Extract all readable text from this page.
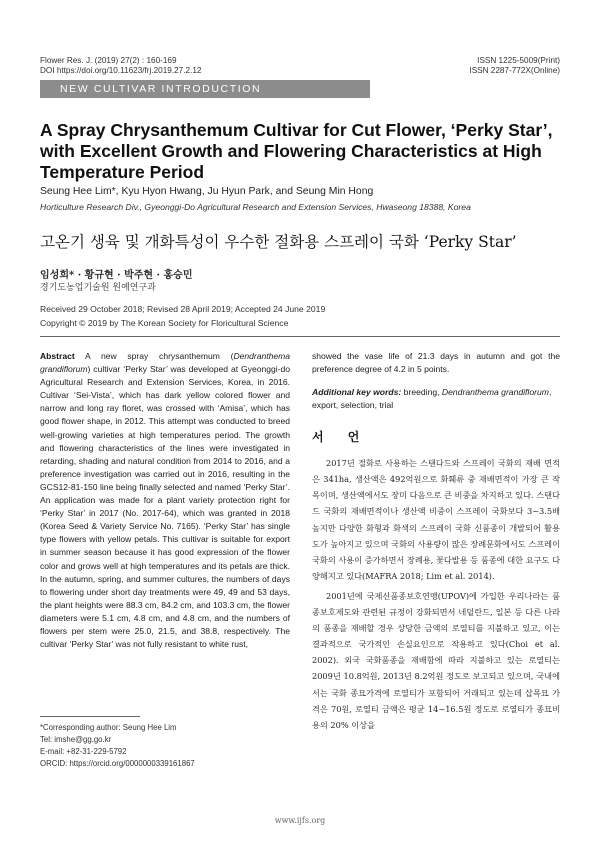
Flower Res. J. (2019) 27(2) : 160-169
DOI https://doi.org/10.11623/frj.2019.27.2.12
ISSN 1225-5009(Print)
ISSN 2287-772X(Online)
NEW CULTIVAR INTRODUCTION
A Spray Chrysanthemum Cultivar for Cut Flower, ‘Perky Star’, with Excellent Growth and Flowering Characteristics at High Temperature Period
Seung Hee Lim*, Kyu Hyon Hwang, Ju Hyun Park, and Seung Min Hong
Horticulture Research Div., Gyeonggi-Do Agricultural Research and Extension Services, Hwaseong 18388, Korea
고온기 생육 및 개화특성이 우수한 절화용 스프레이 국화 ‘Perky Star’
임성희* · 황규현 · 박주현 · 홍승민
경기도농업기술원 원예연구과
Received 29 October 2018; Revised 28 April 2019; Accepted 24 June 2019
Copyright © 2019 by The Korean Society for Floricultural Science

Abstract A new spray chrysanthemum (Dendranthema grandiflorum) cultivar ‘Perky Star’ was developed at Gyeonggi-do Agricultural Research and Extension Services, Korea, in 2016. Cultivar ‘Sei-Vista’, which has dark yellow colored flower and narrow and long ray floret, was crossed with ‘Amisa’, which has good flower shape, in 2012. This attempt was conducted to breed well-growing varieties at high temperatures period. The growth and flowering characteristics of the lines were investigated in retarding, shading and natural condition from 2014 to 2016, and a preference investigation was carried out in 2016, resulting in the GCS12-81-150 line being finally selected and named ‘Perky Star’. An application was made for a plant variety protection right for ‘Perky Star’ in 2017 (No. 2017-64), which was granted in 2018 (Korea Seed & Variety Service No. 7165). ‘Perky Star’ has single type flowers with yellow petals. This cultivar is suitable for export in summer season because it has good expression of the flower color and grows well at high temperatures and its petals are thick. In the autumn, spring, and summer cultures, the numbers of days to flowering under short day treatments were 49, 49 and 53 days, the plant heights were 88.3 cm, 84.2 cm, and 103.3 cm, the flower diameters were 5.1 cm, 4.8 cm, and 4.8 cm, and the numbers of flowers per stem were 25.0, 21.5, and 38.8, respectively. The cultivar ‘Perky Star’ was not fully resistant to white rust,

showed the vase life of 21.3 days in autumn and got the preference degree of 4.2 in 5 points.

Additional key words: breeding, Dendranthema grandiflorum, export, selection, trial

서 언

2017년 절화로 사용하는 스탠다드와 스프레이 국화의 재배 면적은 341ha, 생산액은 492억원으로 화훼류 중 재배면적이 가장 큰 작목이며, 생산액에서도 장미 다음으로 큰 비중을 차지하고 있다. 스탠다드 국화의 재배면적이나 생산액 비중이 스프레이 국화보다 3~3.5배 높지만 다양한 화형과 화색의 스프레이 국화 신품종이 개발되어 활용도가 높아지고 있으며 국화의 사용량이 많은 장례문화에서도 스프레이 국화의 사용이 증가하면서 장례용, 꽃다발용 등 품종에 대한 요구도 다양해지고 있다(MAFRA 2018; Lim et al. 2014).

2001년에 국제신품종보호연맹(UPOV)에 가입한 우리나라는 품종보호제도와 관련된 규정이 강화되면서 네덜란드, 일본 등 다른 나라의 품종을 재배할 경우 상당한 금액의 로열티를 지불하고 있고, 이는 결과적으로 국가적인 손실요인으로 작용하고 있다(Choi et al. 2002). 외국 국화품종을 재배함에 따라 지불하고 있는 로열티는 2009년 10.8억원, 2013년 8.2억원 정도로 보고되고 있으며, 국내에서는 국화 종묘가격에 로열티가 포함되어 거래되고 있는데 삽목묘 가격은 70원, 로열티 금액은 평균 14~16.5원 정도로 로열티가 종묘비용의 20% 이상을

*Corresponding author: Seung Hee Lim
Tel: imshe@gg.go.kr
E-mail: +82-31-229-5792
ORCID: https://orcid.org/0000000339161867
www.ijfs.org
